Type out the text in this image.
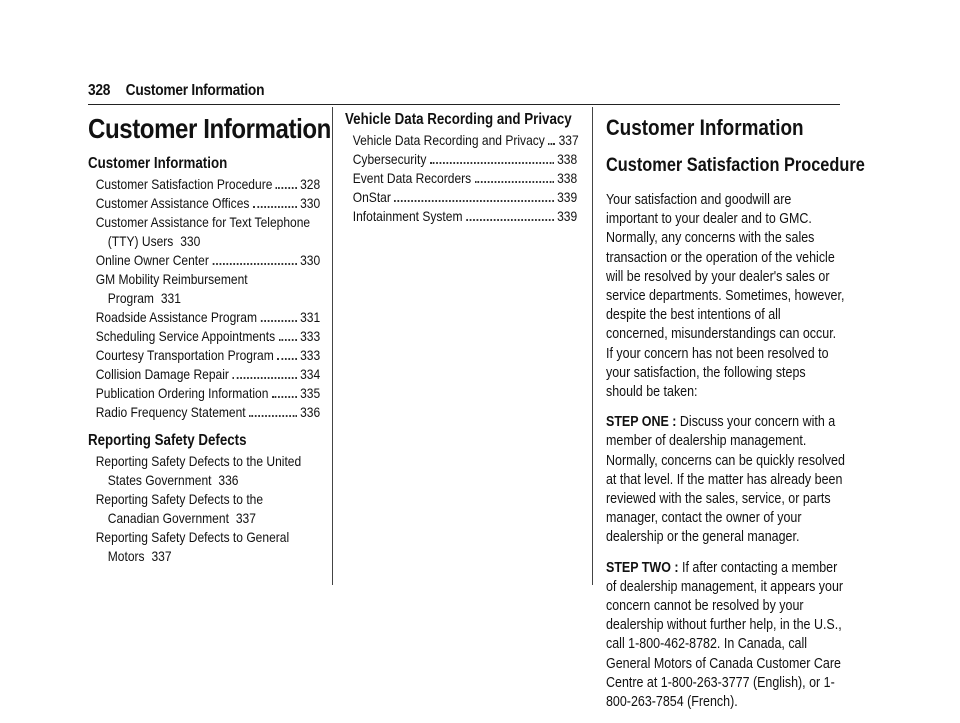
328 Customer Information
Customer Information
Customer Information
Customer Satisfaction Procedure 328
Customer Assistance Offices	330
Customer Assistance for Text Telephone
(TTY) Users 330
Online Owner Center	330
GM Mobility Reimbursement
Program 331
Roadside Assistance Program	331
Scheduling Service Appointments 333
Courtesy Transportation Program 333
Collision Damage Repair	334
Publication Ordering Information 335
Radio Frequency Statement	336
Reporting Safety Defects
Reporting Safety Defects to the United
States Government 336
Reporting Safety Defects to the
Canadian Government 337
Reporting Safety Defects to General
Motors 337
Vehicle Data Recording and Privacy
Vehicle Data Recording and Privacy 337
Cybersecurity	338
Event Data Recorders	338
OnStar	339
Infotainment System	339
Customer Information
Customer Satisfaction Procedure

Your satisfaction and goodwill are important to your dealer and to GMC. Normally, any concerns with the sales transaction or the operation of the vehicle will be resolved by your dealer's sales or service departments. Sometimes, however, despite the best intentions of all concerned, misunderstandings can occur. If your concern has not been resolved to your satisfaction, the following steps should be taken:

STEP ONE : Discuss your concern with a member of dealership management. Normally, concerns can be quickly resolved at that level. If the matter has already been reviewed with the sales, service, or parts manager, contact the owner of your dealership or the general manager.

STEP TWO : If after contacting a member of dealership management, it appears your concern cannot be resolved by your dealership without further help, in the U.S., call 1-800-462-8782. In Canada, call General Motors of Canada Customer Care Centre at 1-800-263-3777 (English), or 1-800-263-7854 (French).
